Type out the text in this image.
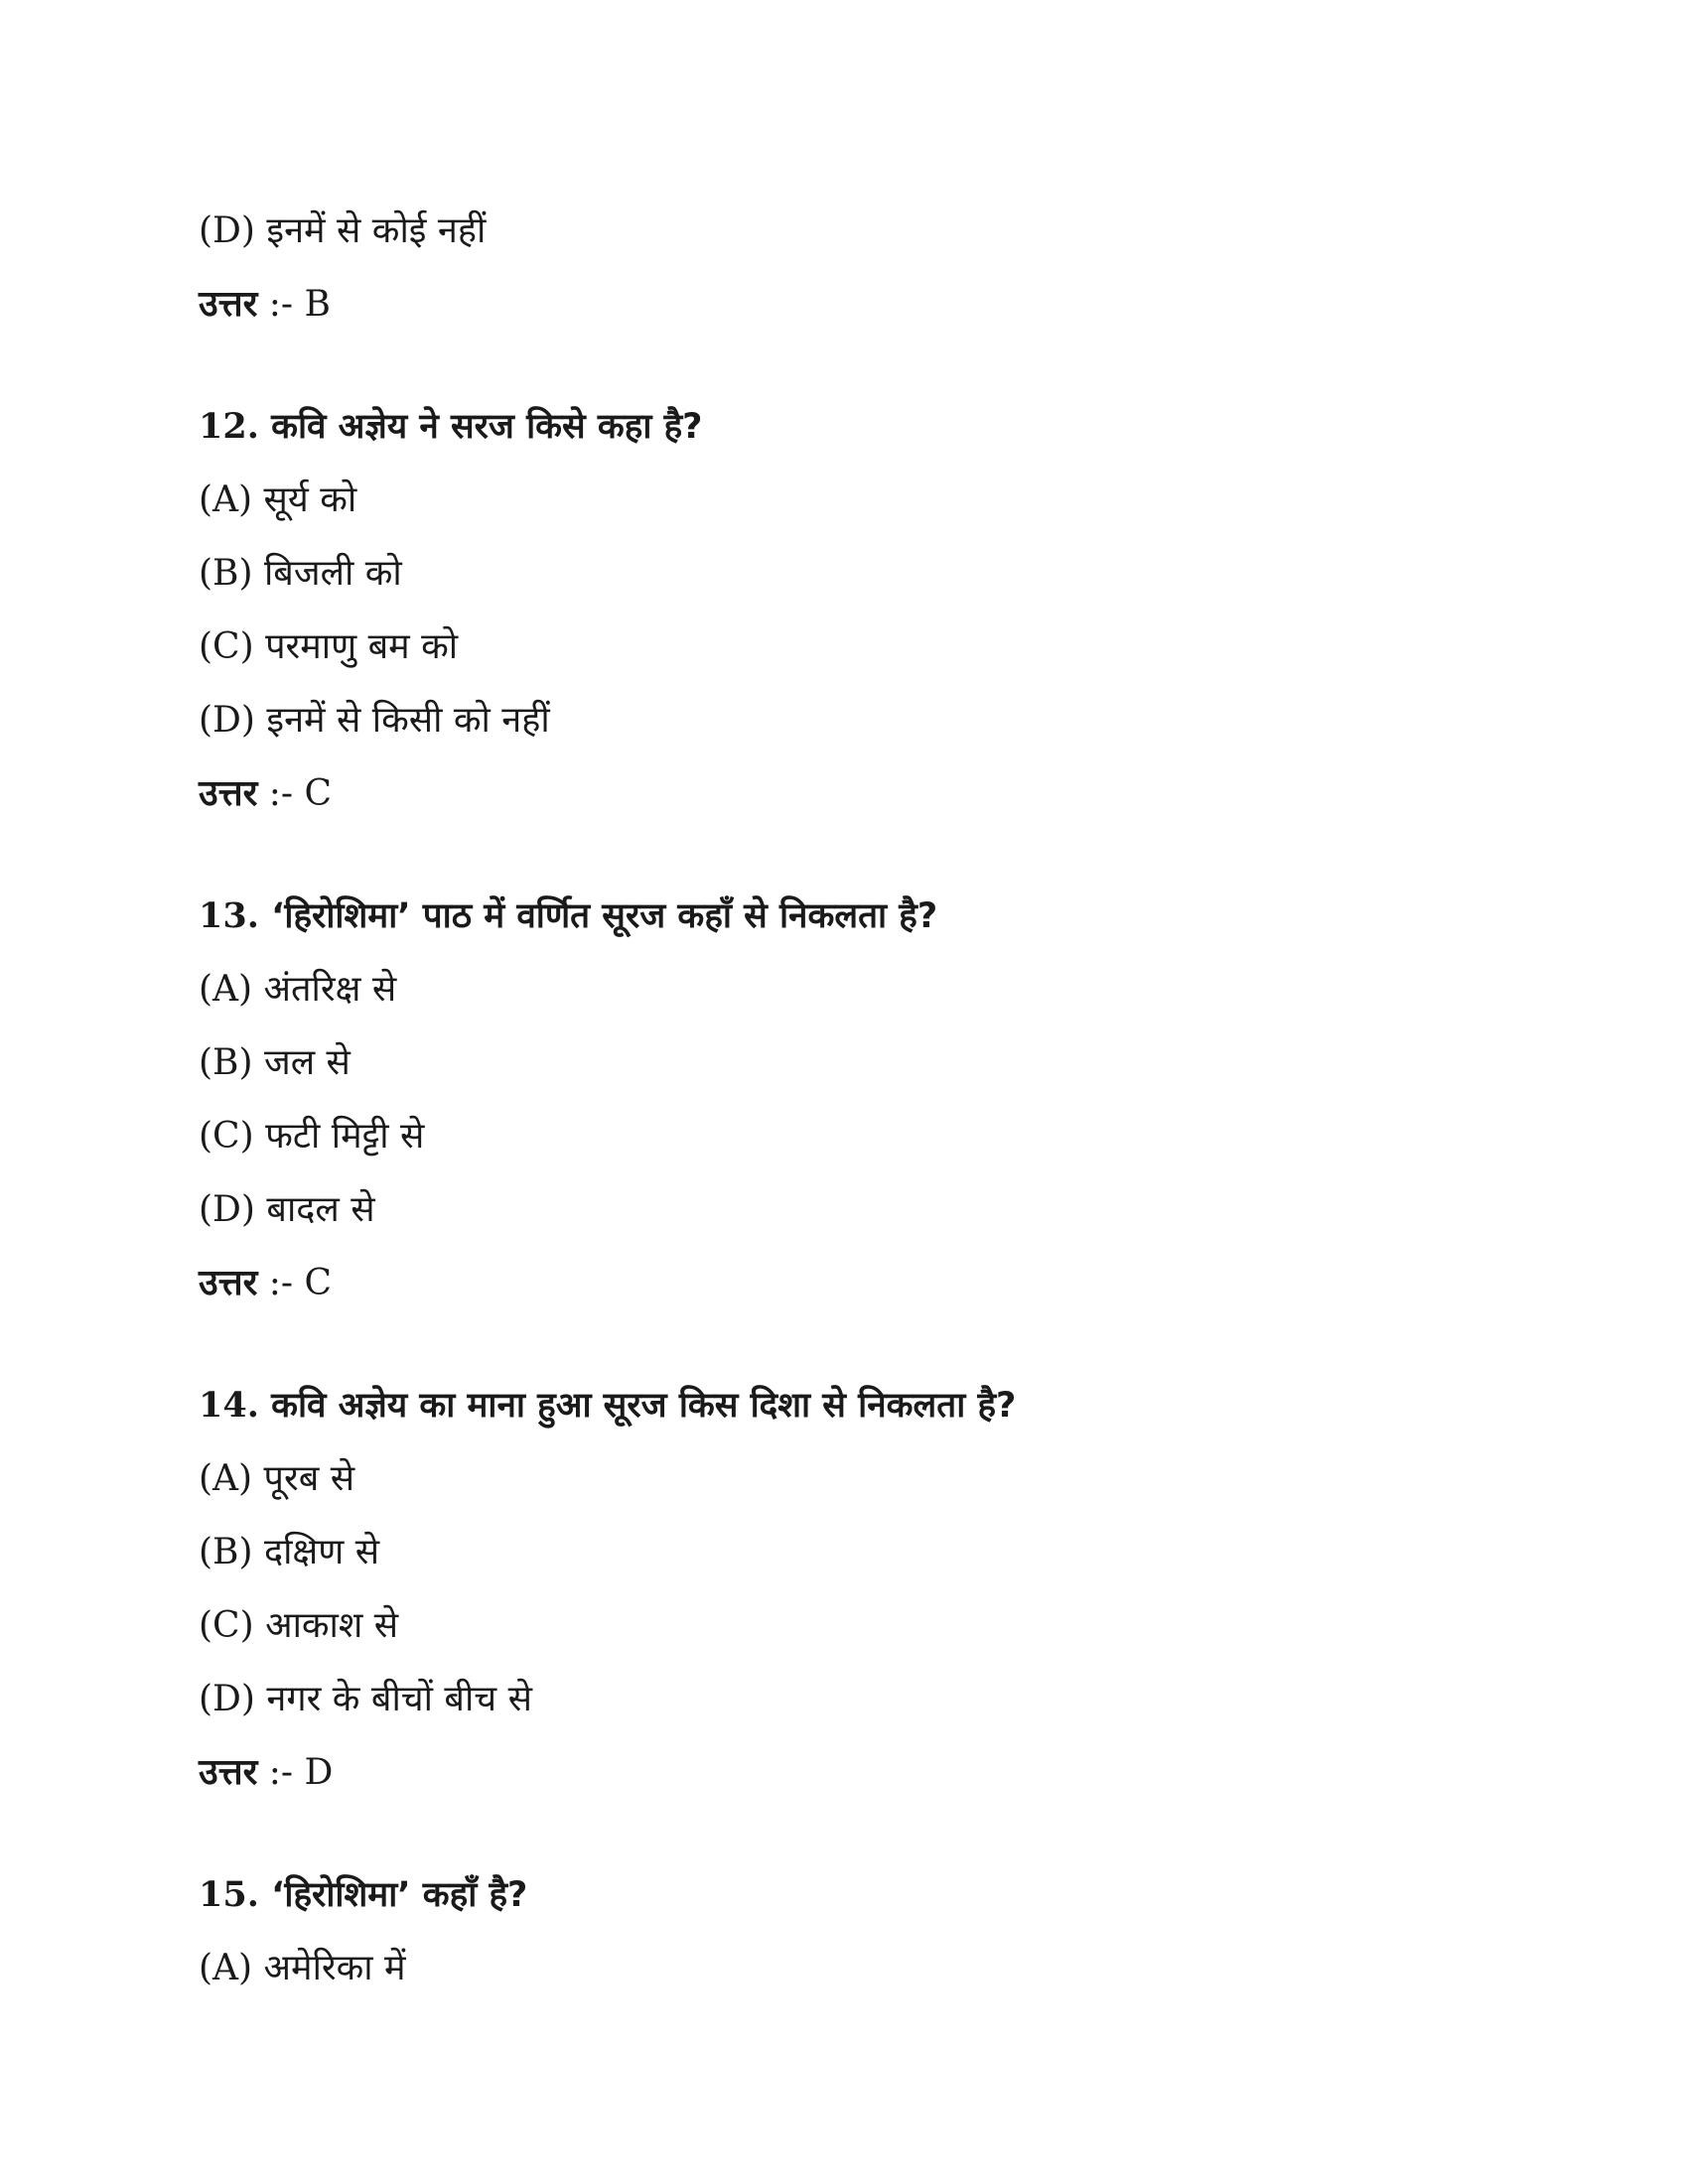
(D) इनमें से कोई नहीं
उत्तर :- B
12. कवि अज्ञेय ने सरज किसे कहा है?
(A) सूर्य को
(B) बिजली को
(C) परमाणु बम को
(D) इनमें से किसी को नहीं
उत्तर :- C
13. ‘हिरोशिमा’ पाठ में वर्णित सूरज कहाँ से निकलता है?
(A) अंतरिक्ष से
(B) जल से
(C) फटी मिट्टी से
(D) बादल से
उत्तर :- C
14. कवि अज्ञेय का माना हुआ सूरज किस दिशा से निकलता है?
(A) पूरब से
(B) दक्षिण से
(C) आकाश से
(D) नगर के बीचों बीच से
उत्तर :- D
15. ‘हिरोशिमा’ कहाँ है?
(A) अमेरिका में
